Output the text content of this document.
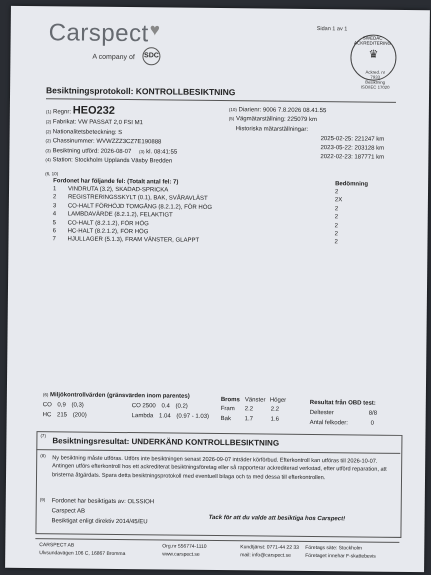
Carspect♥
A company of SDC
Sidan 1 av 1
♛
SWEDAC ACKREDITERING
Ackred. nr 7933
Besiktning
ISO/IEC 17020
Besiktningsprotokoll: KONTROLLBESIKTNING
(1) Regnr: HEO232
(2) Fabrikat: VW PASSAT 2,0 FSI M1
(2) Nationalitetsbeteckning: S
(2) Chassinummer: WVWZZZ3CZ7E190888
(3) Besiktning utförd: 2026-08-07 (3) kl. 08:41:55
(4) Station: Stockholm Upplands Väsby Bredden
(10) Diarienr: 9006 7.8.2026 08.41.55
(5) Vägmätarställning: 225079 km
Historiska mätarställningar:
2025-02-25: 221247 km
2023-05-22: 203128 km
2022-02-23: 187771 km
(6, 10)
Fordonet har följande fel: (Totalt antal fel: 7)	Bedömning
1 VINDRUTA (3.2), SKADAD-SPRICKA	2
2 REGISTRERINGSSKYLT (0.1), BAK, SVÅRAVLÄST	2X
3 CO-HALT FÖRHÖJD TOMGÅNG (8.2.1.2), FÖR HÖG	2
4 LAMBDAVÄRDE (8.2.1.2), FELAKTIGT	2
5 CO-HALT (8.2.1.2), FÖR HÖG	2
6 HC-HALT (8.2.1.2), FÖR HÖG	2
7 HJULLAGER (5.1.3), FRAM VÄNSTER, GLAPPT	2
(6) Miljökontrollvärden (gränsvärden inom parentes)
CO 0,9 (0,3)
HC 215 (200)
CO 2500 0.4 (0.2)
Lambda 1.04 (0.97 - 1.03)
Broms Vänster Höger
Fram 2.2	2.2
Bak 1.7	1.6
Resultat från OBD test:
Deltester	8/8
Antal felkoder:	0
(7)
Besiktningsresultat: UNDERKÄND KONTROLLBESIKTNING
(8) Ny besiktning måste utföras. Utförs inte besiktningen senast 2026-09-07 inträder körförbud. Efterkontroll kan utföras till 2026-10-07. Antingen utförs efterkontroll hos ett ackrediterat besiktningsföretag eller så rapporterar ackrediterad verkstad, efter utförd reparation, att bristerna åtgärdats. Spara detta besiktningsprotokoll med eventuell bilaga och ta med dessa till efterkontrollen.
(9) Fordonet har besiktigats av: OLSSIOH
Carspect AB
Besiktigat enligt direktiv 2014/45/EU	Tack för att du valde att besiktiga hos Carspect!
CARSPECT AB
Ulvsundavägen 106 C, 16867 Bromma
Org.nr 556774-1110
www.carspect.se
Kundtjänst: 0771-44 22 33
mail: info@carspect.se
Företags säte: Stockholm
Företaget innehar F-skattebevis
